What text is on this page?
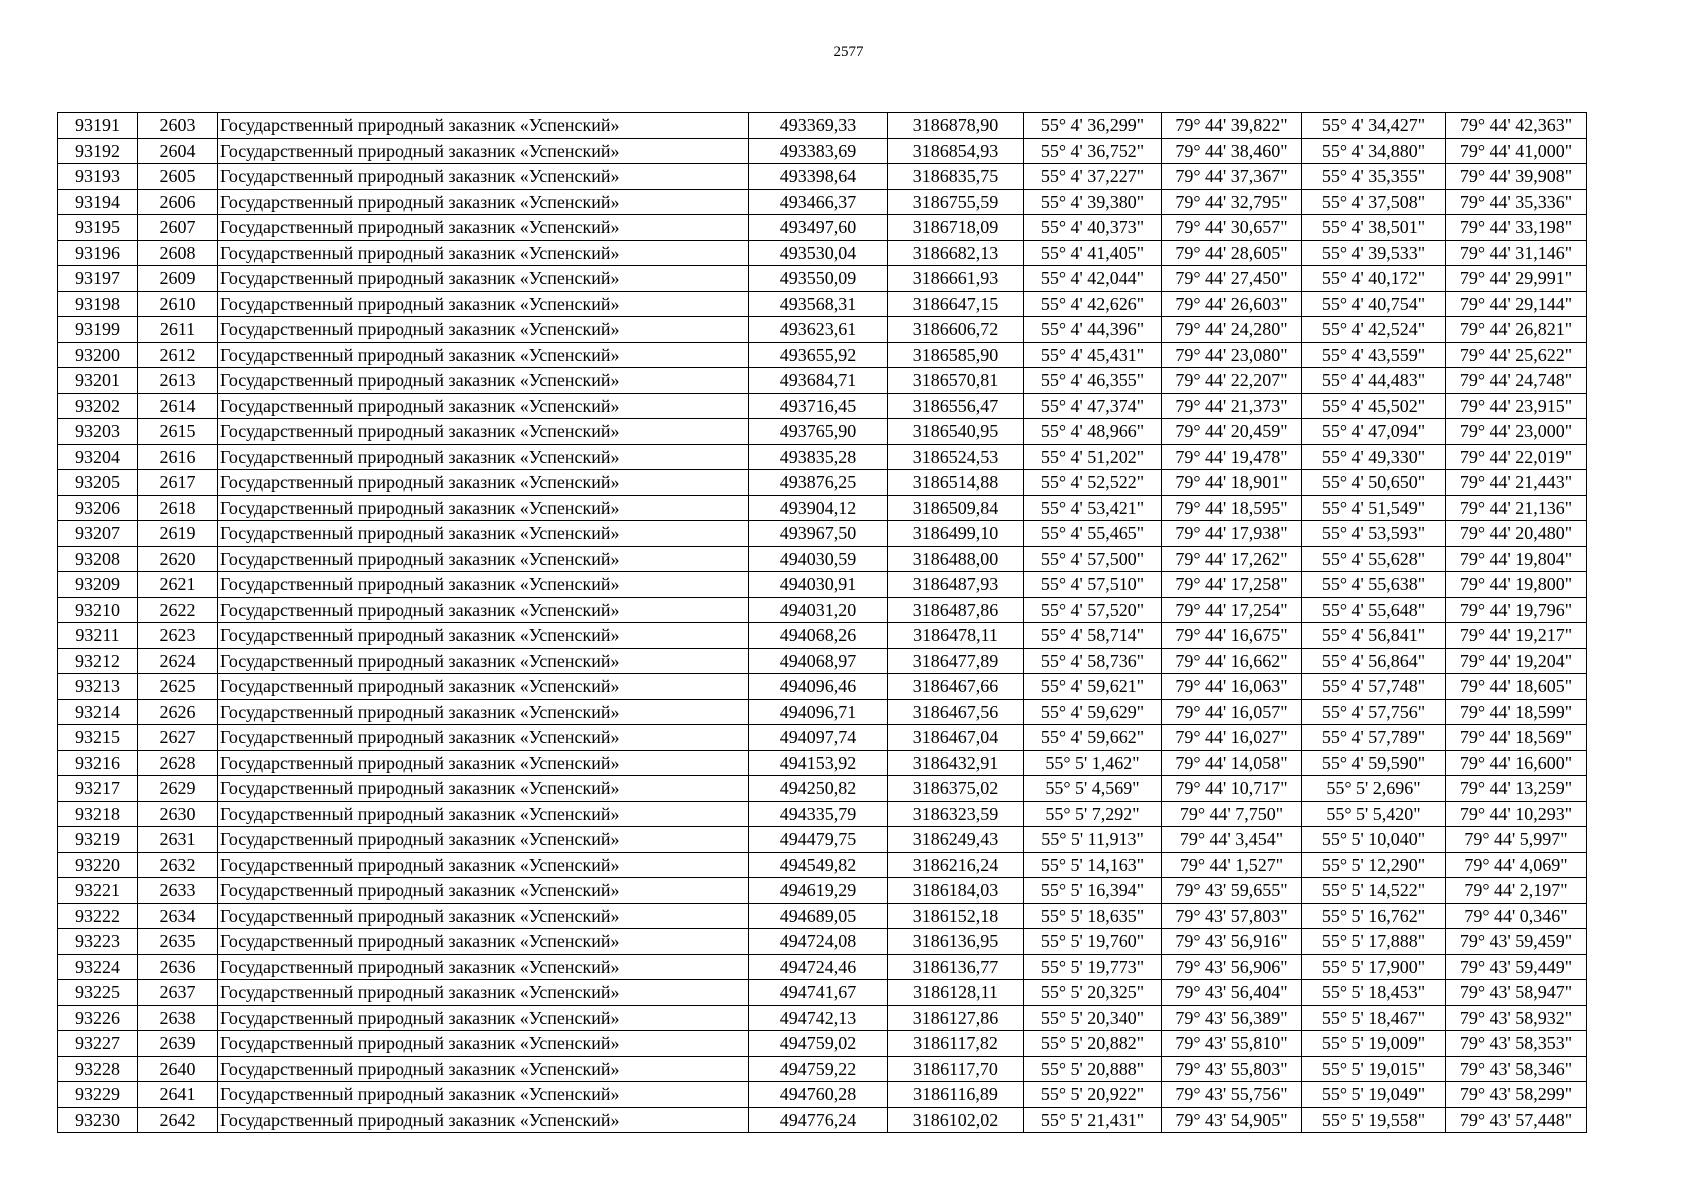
2577
93191	2603	Государственный природный заказник «Успенский»	493369,33	3186878,90	55° 4' 36,299"	79° 44' 39,822"	55° 4' 34,427"	79° 44' 42,363"
93192	2604	Государственный природный заказник «Успенский»	493383,69	3186854,93	55° 4' 36,752"	79° 44' 38,460"	55° 4' 34,880"	79° 44' 41,000"
93193	2605	Государственный природный заказник «Успенский»	493398,64	3186835,75	55° 4' 37,227"	79° 44' 37,367"	55° 4' 35,355"	79° 44' 39,908"
93194	2606	Государственный природный заказник «Успенский»	493466,37	3186755,59	55° 4' 39,380"	79° 44' 32,795"	55° 4' 37,508"	79° 44' 35,336"
93195	2607	Государственный природный заказник «Успенский»	493497,60	3186718,09	55° 4' 40,373"	79° 44' 30,657"	55° 4' 38,501"	79° 44' 33,198"
93196	2608	Государственный природный заказник «Успенский»	493530,04	3186682,13	55° 4' 41,405"	79° 44' 28,605"	55° 4' 39,533"	79° 44' 31,146"
93197	2609	Государственный природный заказник «Успенский»	493550,09	3186661,93	55° 4' 42,044"	79° 44' 27,450"	55° 4' 40,172"	79° 44' 29,991"
93198	2610	Государственный природный заказник «Успенский»	493568,31	3186647,15	55° 4' 42,626"	79° 44' 26,603"	55° 4' 40,754"	79° 44' 29,144"
93199	2611	Государственный природный заказник «Успенский»	493623,61	3186606,72	55° 4' 44,396"	79° 44' 24,280"	55° 4' 42,524"	79° 44' 26,821"
93200	2612	Государственный природный заказник «Успенский»	493655,92	3186585,90	55° 4' 45,431"	79° 44' 23,080"	55° 4' 43,559"	79° 44' 25,622"
93201	2613	Государственный природный заказник «Успенский»	493684,71	3186570,81	55° 4' 46,355"	79° 44' 22,207"	55° 4' 44,483"	79° 44' 24,748"
93202	2614	Государственный природный заказник «Успенский»	493716,45	3186556,47	55° 4' 47,374"	79° 44' 21,373"	55° 4' 45,502"	79° 44' 23,915"
93203	2615	Государственный природный заказник «Успенский»	493765,90	3186540,95	55° 4' 48,966"	79° 44' 20,459"	55° 4' 47,094"	79° 44' 23,000"
93204	2616	Государственный природный заказник «Успенский»	493835,28	3186524,53	55° 4' 51,202"	79° 44' 19,478"	55° 4' 49,330"	79° 44' 22,019"
93205	2617	Государственный природный заказник «Успенский»	493876,25	3186514,88	55° 4' 52,522"	79° 44' 18,901"	55° 4' 50,650"	79° 44' 21,443"
93206	2618	Государственный природный заказник «Успенский»	493904,12	3186509,84	55° 4' 53,421"	79° 44' 18,595"	55° 4' 51,549"	79° 44' 21,136"
93207	2619	Государственный природный заказник «Успенский»	493967,50	3186499,10	55° 4' 55,465"	79° 44' 17,938"	55° 4' 53,593"	79° 44' 20,480"
93208	2620	Государственный природный заказник «Успенский»	494030,59	3186488,00	55° 4' 57,500"	79° 44' 17,262"	55° 4' 55,628"	79° 44' 19,804"
93209	2621	Государственный природный заказник «Успенский»	494030,91	3186487,93	55° 4' 57,510"	79° 44' 17,258"	55° 4' 55,638"	79° 44' 19,800"
93210	2622	Государственный природный заказник «Успенский»	494031,20	3186487,86	55° 4' 57,520"	79° 44' 17,254"	55° 4' 55,648"	79° 44' 19,796"
93211	2623	Государственный природный заказник «Успенский»	494068,26	3186478,11	55° 4' 58,714"	79° 44' 16,675"	55° 4' 56,841"	79° 44' 19,217"
93212	2624	Государственный природный заказник «Успенский»	494068,97	3186477,89	55° 4' 58,736"	79° 44' 16,662"	55° 4' 56,864"	79° 44' 19,204"
93213	2625	Государственный природный заказник «Успенский»	494096,46	3186467,66	55° 4' 59,621"	79° 44' 16,063"	55° 4' 57,748"	79° 44' 18,605"
93214	2626	Государственный природный заказник «Успенский»	494096,71	3186467,56	55° 4' 59,629"	79° 44' 16,057"	55° 4' 57,756"	79° 44' 18,599"
93215	2627	Государственный природный заказник «Успенский»	494097,74	3186467,04	55° 4' 59,662"	79° 44' 16,027"	55° 4' 57,789"	79° 44' 18,569"
93216	2628	Государственный природный заказник «Успенский»	494153,92	3186432,91	55° 5' 1,462"	79° 44' 14,058"	55° 4' 59,590"	79° 44' 16,600"
93217	2629	Государственный природный заказник «Успенский»	494250,82	3186375,02	55° 5' 4,569"	79° 44' 10,717"	55° 5' 2,696"	79° 44' 13,259"
93218	2630	Государственный природный заказник «Успенский»	494335,79	3186323,59	55° 5' 7,292"	79° 44' 7,750"	55° 5' 5,420"	79° 44' 10,293"
93219	2631	Государственный природный заказник «Успенский»	494479,75	3186249,43	55° 5' 11,913"	79° 44' 3,454"	55° 5' 10,040"	79° 44' 5,997"
93220	2632	Государственный природный заказник «Успенский»	494549,82	3186216,24	55° 5' 14,163"	79° 44' 1,527"	55° 5' 12,290"	79° 44' 4,069"
93221	2633	Государственный природный заказник «Успенский»	494619,29	3186184,03	55° 5' 16,394"	79° 43' 59,655"	55° 5' 14,522"	79° 44' 2,197"
93222	2634	Государственный природный заказник «Успенский»	494689,05	3186152,18	55° 5' 18,635"	79° 43' 57,803"	55° 5' 16,762"	79° 44' 0,346"
93223	2635	Государственный природный заказник «Успенский»	494724,08	3186136,95	55° 5' 19,760"	79° 43' 56,916"	55° 5' 17,888"	79° 43' 59,459"
93224	2636	Государственный природный заказник «Успенский»	494724,46	3186136,77	55° 5' 19,773"	79° 43' 56,906"	55° 5' 17,900"	79° 43' 59,449"
93225	2637	Государственный природный заказник «Успенский»	494741,67	3186128,11	55° 5' 20,325"	79° 43' 56,404"	55° 5' 18,453"	79° 43' 58,947"
93226	2638	Государственный природный заказник «Успенский»	494742,13	3186127,86	55° 5' 20,340"	79° 43' 56,389"	55° 5' 18,467"	79° 43' 58,932"
93227	2639	Государственный природный заказник «Успенский»	494759,02	3186117,82	55° 5' 20,882"	79° 43' 55,810"	55° 5' 19,009"	79° 43' 58,353"
93228	2640	Государственный природный заказник «Успенский»	494759,22	3186117,70	55° 5' 20,888"	79° 43' 55,803"	55° 5' 19,015"	79° 43' 58,346"
93229	2641	Государственный природный заказник «Успенский»	494760,28	3186116,89	55° 5' 20,922"	79° 43' 55,756"	55° 5' 19,049"	79° 43' 58,299"
93230	2642	Государственный природный заказник «Успенский»	494776,24	3186102,02	55° 5' 21,431"	79° 43' 54,905"	55° 5' 19,558"	79° 43' 57,448"
